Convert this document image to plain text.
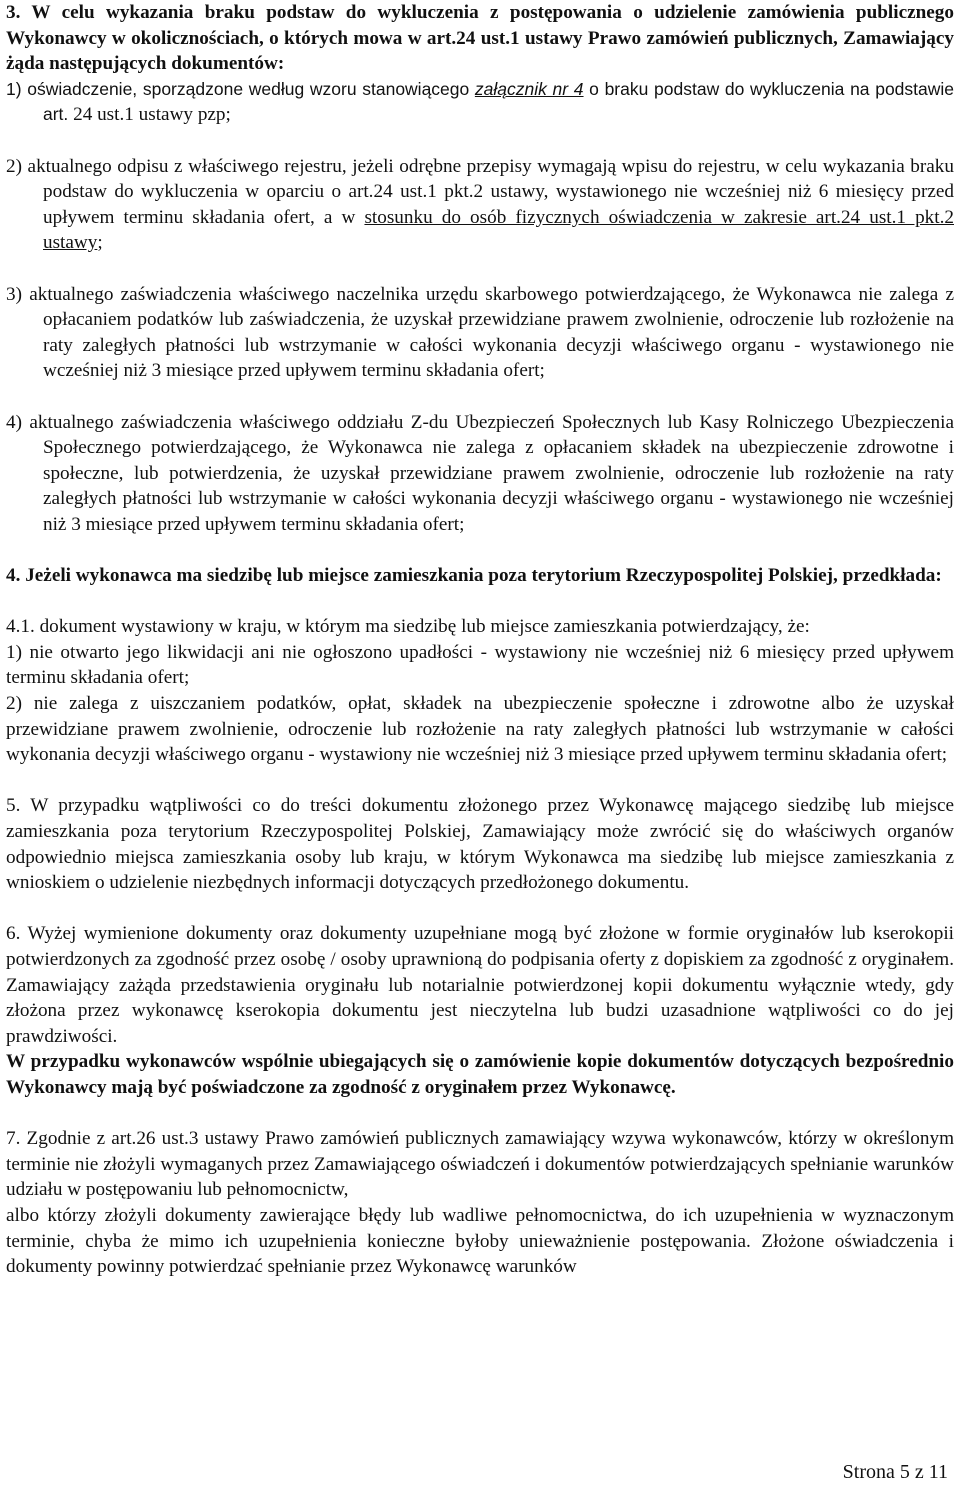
3. W celu wykazania braku podstaw do wykluczenia z postępowania o udzielenie zamówienia publicznego Wykonawcy w okolicznościach, o których mowa w art.24 ust.1 ustawy Prawo zamówień publicznych, Zamawiający żąda następujących dokumentów:

1) oświadczenie, sporządzone według wzoru stanowiącego załącznik nr 4 o braku podstaw do wykluczenia na podstawie art. 24 ust.1 ustawy pzp;

2) aktualnego odpisu z właściwego rejestru, jeżeli odrębne przepisy wymagają wpisu do rejestru, w celu wykazania braku podstaw do wykluczenia w oparciu o art.24 ust.1 pkt.2 ustawy, wystawionego nie wcześniej niż 6 miesięcy przed upływem terminu składania ofert, a w stosunku do osób fizycznych oświadczenia w zakresie art.24 ust.1 pkt.2 ustawy;

3) aktualnego zaświadczenia właściwego naczelnika urzędu skarbowego potwierdzającego, że Wykonawca nie zalega z opłacaniem podatków lub zaświadczenia, że uzyskał przewidziane prawem zwolnienie, odroczenie lub rozłożenie na raty zaległych płatności lub wstrzymanie w całości wykonania decyzji właściwego organu - wystawionego nie wcześniej niż 3 miesiące przed upływem terminu składania ofert;

4) aktualnego zaświadczenia właściwego oddziału Z-du Ubezpieczeń Społecznych lub Kasy Rolniczego Ubezpieczenia Społecznego potwierdzającego, że Wykonawca nie zalega z opłacaniem składek na ubezpieczenie zdrowotne i społeczne, lub potwierdzenia, że uzyskał przewidziane prawem zwolnienie, odroczenie lub rozłożenie na raty zaległych płatności lub wstrzymanie w całości wykonania decyzji właściwego organu - wystawionego nie wcześniej niż 3 miesiące przed upływem terminu składania ofert;

4. Jeżeli wykonawca ma siedzibę lub miejsce zamieszkania poza terytorium Rzeczypospolitej Polskiej, przedkłada:

4.1. dokument wystawiony w kraju, w którym ma siedzibę lub miejsce zamieszkania potwierdzający, że:

1) nie otwarto jego likwidacji ani nie ogłoszono upadłości - wystawiony nie wcześniej niż 6 miesięcy przed upływem terminu składania ofert;

2) nie zalega z uiszczaniem podatków, opłat, składek na ubezpieczenie społeczne i zdrowotne albo że uzyskał przewidziane prawem zwolnienie, odroczenie lub rozłożenie na raty zaległych płatności lub wstrzymanie w całości wykonania decyzji właściwego organu - wystawiony nie wcześniej niż 3 miesiące przed upływem terminu składania ofert;

5. W przypadku wątpliwości co do treści dokumentu złożonego przez Wykonawcę mającego siedzibę lub miejsce zamieszkania poza terytorium Rzeczypospolitej Polskiej, Zamawiający może zwrócić się do właściwych organów odpowiednio miejsca zamieszkania osoby lub kraju, w którym Wykonawca ma siedzibę lub miejsce zamieszkania z wnioskiem o udzielenie niezbędnych informacji dotyczących przedłożonego dokumentu.

6. Wyżej wymienione dokumenty oraz dokumenty uzupełniane mogą być złożone w formie oryginałów lub kserokopii potwierdzonych za zgodność przez osobę / osoby uprawnioną do podpisania oferty z dopiskiem za zgodność z oryginałem. Zamawiający zażąda przedstawienia oryginału lub notarialnie potwierdzonej kopii dokumentu wyłącznie wtedy, gdy złożona przez wykonawcę kserokopia dokumentu jest nieczytelna lub budzi uzasadnione wątpliwości co do jej prawdziwości.

W przypadku wykonawców wspólnie ubiegających się o zamówienie kopie dokumentów dotyczących bezpośrednio Wykonawcy mają być poświadczone za zgodność z oryginałem przez Wykonawcę.

7. Zgodnie z art.26 ust.3 ustawy Prawo zamówień publicznych zamawiający wzywa wykonawców, którzy w określonym terminie nie złożyli wymaganych przez Zamawiającego oświadczeń i dokumentów potwierdzających spełnianie warunków udziału w postępowaniu lub pełnomocnictw,

albo którzy złożyli dokumenty zawierające błędy lub wadliwe pełnomocnictwa, do ich uzupełnienia w wyznaczonym terminie, chyba że mimo ich uzupełnienia konieczne byłoby unieważnienie postępowania. Złożone oświadczenia i dokumenty powinny potwierdzać spełnianie przez Wykonawcę warunków

Strona 5 z 11
